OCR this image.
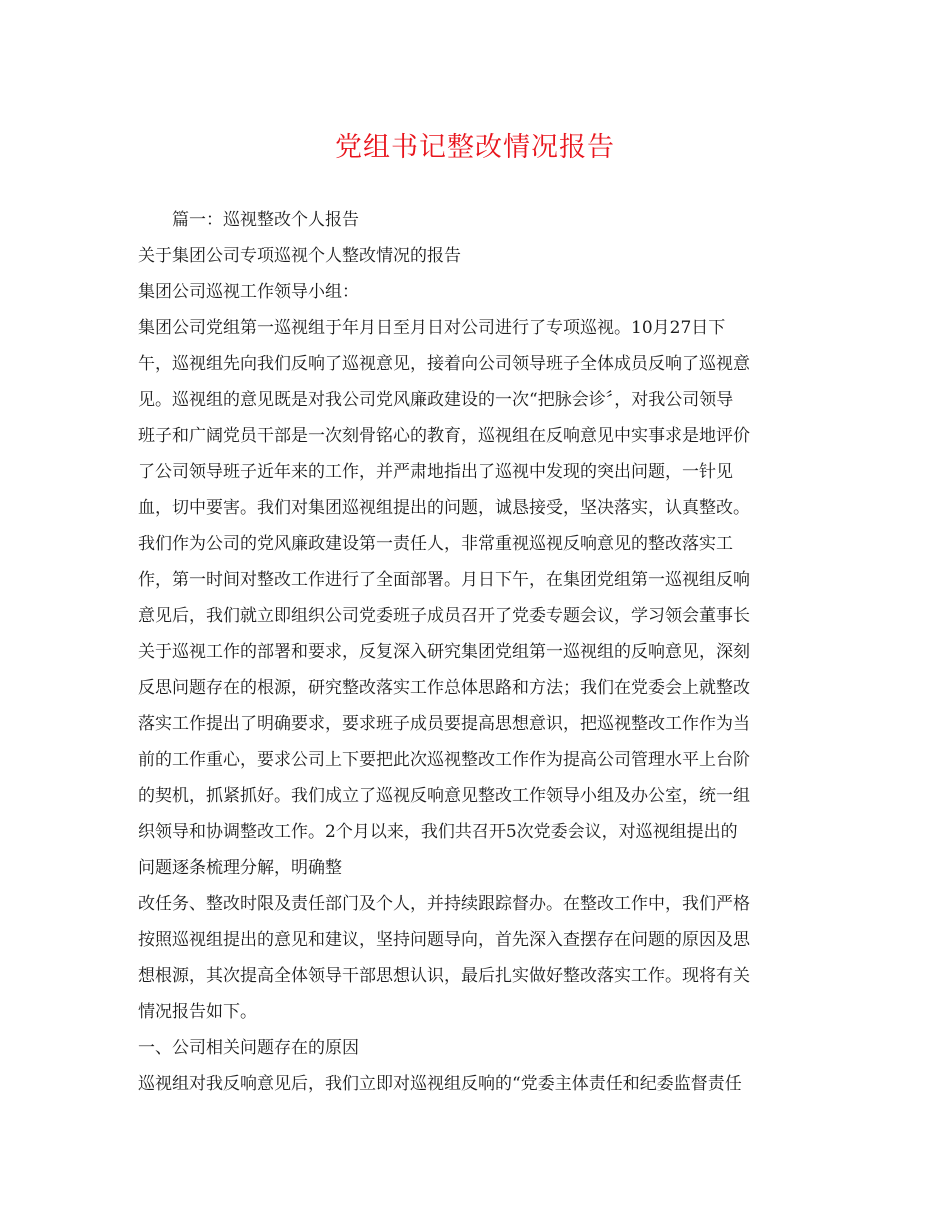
党组书记整改情况报告
篇一：巡视整改个人报告
关于集团公司专项巡视个人整改情况的报告
集团公司巡视工作领导小组：
集团公司党组第一巡视组于年月日至月日对公司进行了专项巡视。10月27日下
午，巡视组先向我们反响了巡视意见，接着向公司领导班子全体成员反响了巡视意
见。巡视组的意见既是对我公司党风廉政建设的一次“把脉会诊〞，对我公司领导
班子和广阔党员干部是一次刻骨铭心的教育，巡视组在反响意见中实事求是地评价
了公司领导班子近年来的工作，并严肃地指出了巡视中发现的突出问题，一针见
血，切中要害。我们对集团巡视组提出的问题，诚恳接受，坚决落实，认真整改。
我们作为公司的党风廉政建设第一责任人，非常重视巡视反响意见的整改落实工
作，第一时间对整改工作进行了全面部署。月日下午，在集团党组第一巡视组反响
意见后，我们就立即组织公司党委班子成员召开了党委专题会议，学习领会董事长
关于巡视工作的部署和要求，反复深入研究集团党组第一巡视组的反响意见，深刻
反思问题存在的根源，研究整改落实工作总体思路和方法；我们在党委会上就整改
落实工作提出了明确要求，要求班子成员要提高思想意识，把巡视整改工作作为当
前的工作重心，要求公司上下要把此次巡视整改工作作为提高公司管理水平上台阶
的契机，抓紧抓好。我们成立了巡视反响意见整改工作领导小组及办公室，统一组
织领导和协调整改工作。2个月以来，我们共召开5次党委会议，对巡视组提出的
问题逐条梳理分解，明确整
改任务、整改时限及责任部门及个人，并持续跟踪督办。在整改工作中，我们严格
按照巡视组提出的意见和建议，坚持问题导向，首先深入查摆存在问题的原因及思
想根源，其次提高全体领导干部思想认识，最后扎实做好整改落实工作。现将有关
情况报告如下。
一、公司相关问题存在的原因
巡视组对我反响意见后，我们立即对巡视组反响的“党委主体责任和纪委监督责任
